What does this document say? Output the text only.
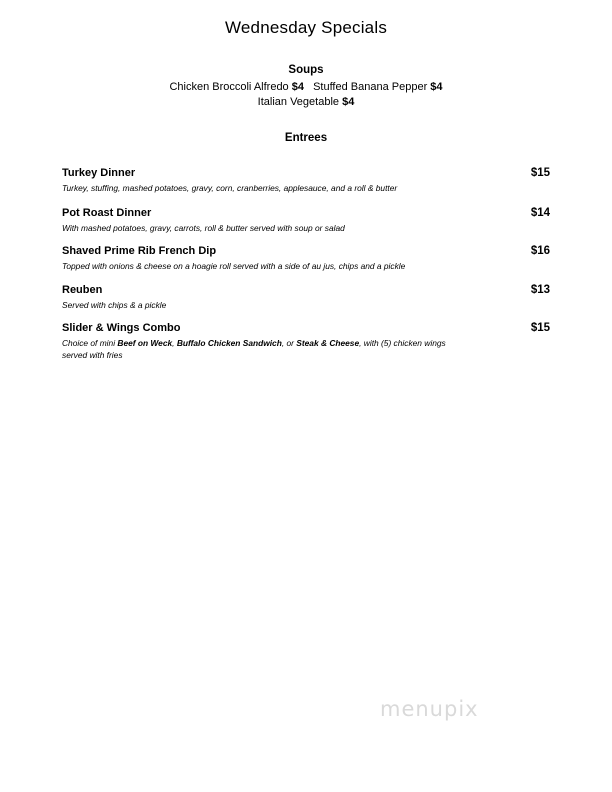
Wednesday Specials
Soups
Chicken Broccoli Alfredo $4 Stuffed Banana Pepper $4
Italian Vegetable $4
Entrees
Turkey Dinner	$15
Turkey, stuffing, mashed potatoes, gravy, corn, cranberries, applesauce, and a roll & butter
Pot Roast Dinner	$14
With mashed potatoes, gravy, carrots, roll & butter served with soup or salad
Shaved Prime Rib French Dip	$16
Topped with onions & cheese on a hoagie roll served with a side of au jus, chips and a pickle
Reuben	$13
Served with chips & a pickle
Slider & Wings Combo	$15
Choice of mini Beef on Weck, Buffalo Chicken Sandwich, or Steak & Cheese, with (5) chicken wings served with fries
menupix
